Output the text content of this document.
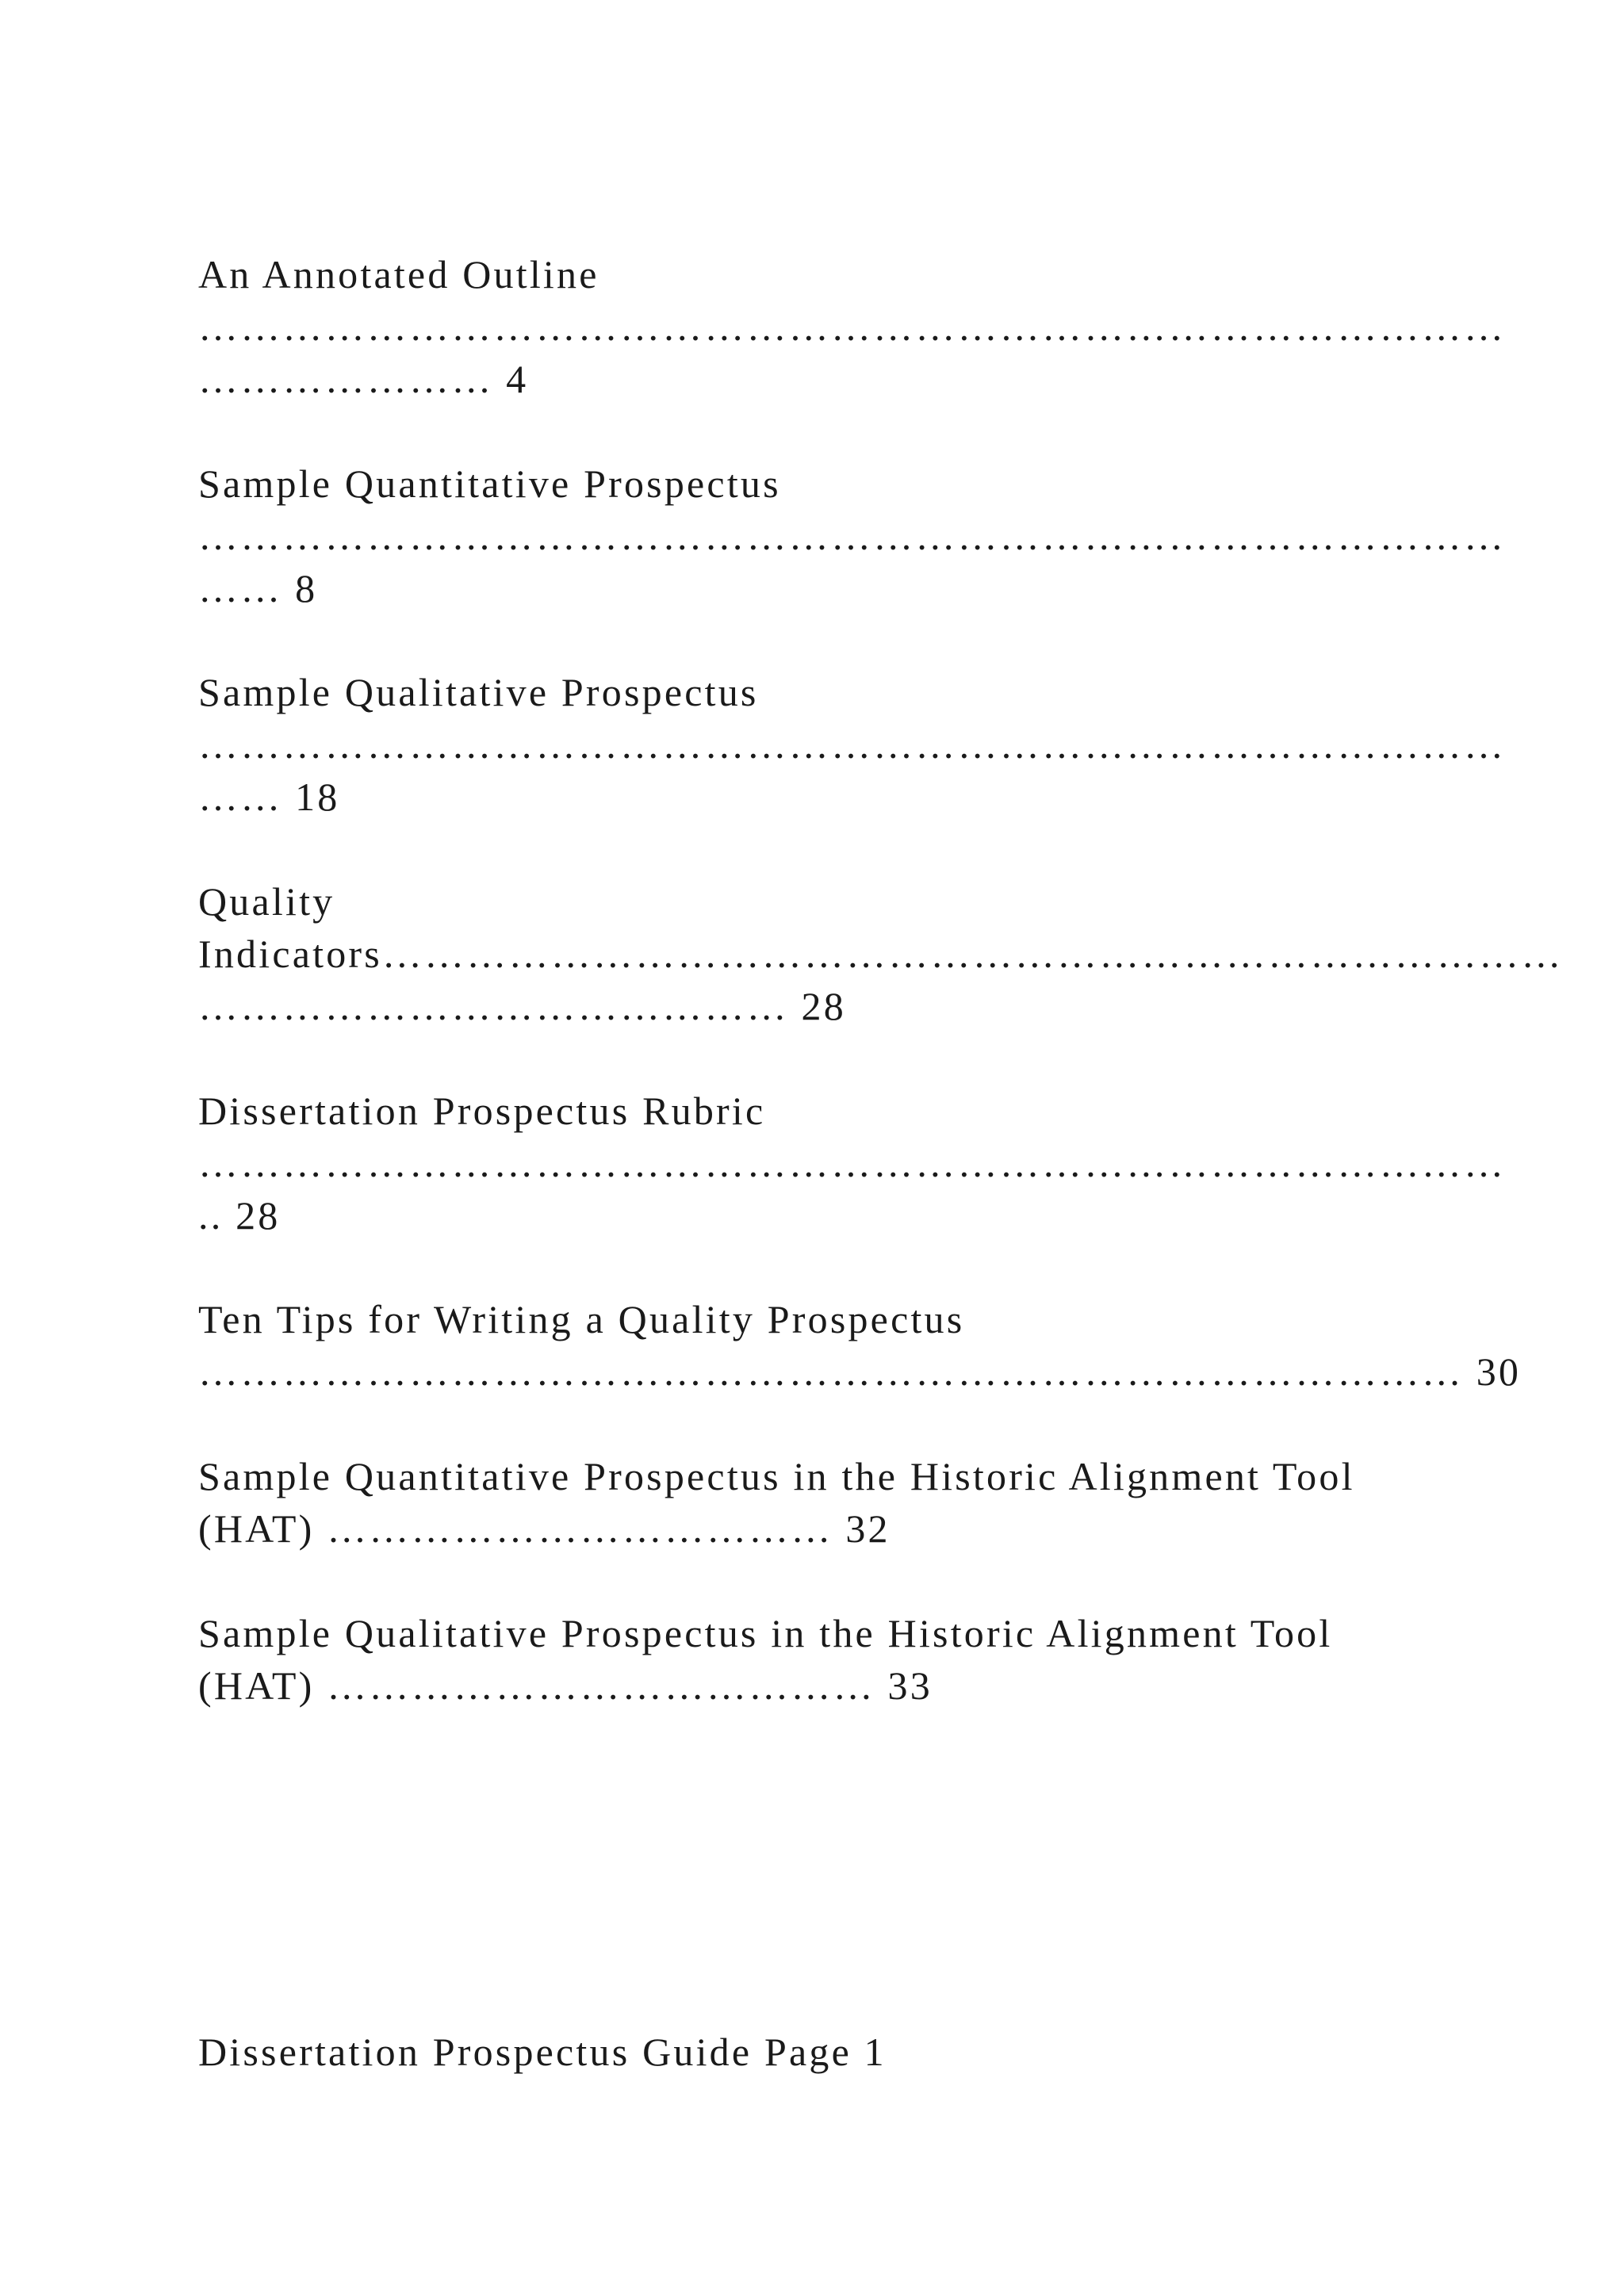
An Annotated Outline
…………………………………………………………………………………
………………… 4
Sample Quantitative Prospectus
…………………………………………………………………………………
…… 8
Sample Qualitative Prospectus
…………………………………………………………………………………
…… 18
Quality
Indicators…………………………………………………………………………
…………………………………… 28
Dissertation Prospectus Rubric
…………………………………………………………………………………
.. 28
Ten Tips for Writing a Quality Prospectus
……………………………………………………………………………… 30
Sample Quantitative Prospectus in the Historic Alignment Tool
(HAT) ……………………………… 32
Sample Qualitative Prospectus in the Historic Alignment Tool
(HAT) ………………………………… 33
Dissertation Prospectus Guide Page 1
